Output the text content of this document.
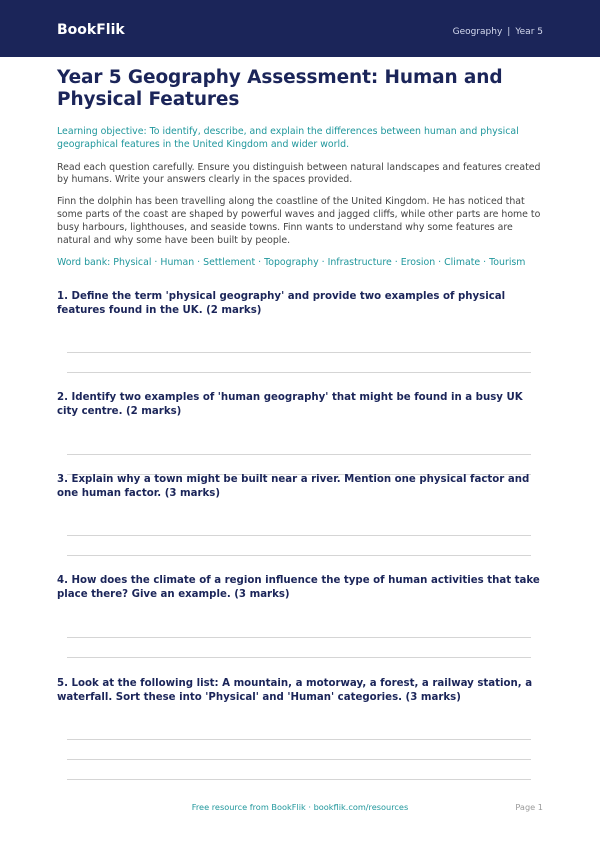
BookFlik	Geography | Year 5
Year 5 Geography Assessment: Human and Physical Features
Learning objective: To identify, describe, and explain the differences between human and physical geographical features in the United Kingdom and wider world.
Read each question carefully. Ensure you distinguish between natural landscapes and features created by humans. Write your answers clearly in the spaces provided.
Finn the dolphin has been travelling along the coastline of the United Kingdom. He has noticed that some parts of the coast are shaped by powerful waves and jagged cliffs, while other parts are home to busy harbours, lighthouses, and seaside towns. Finn wants to understand why some features are natural and why some have been built by people.
Word bank: Physical · Human · Settlement · Topography · Infrastructure · Erosion · Climate · Tourism
1. Define the term 'physical geography' and provide two examples of physical features found in the UK. (2 marks)
2. Identify two examples of 'human geography' that might be found in a busy UK city centre. (2 marks)
3. Explain why a town might be built near a river. Mention one physical factor and one human factor. (3 marks)
4. How does the climate of a region influence the type of human activities that take place there? Give an example. (3 marks)
5. Look at the following list: A mountain, a motorway, a forest, a railway station, a waterfall. Sort these into 'Physical' and 'Human' categories. (3 marks)
Free resource from BookFlik · bookflik.com/resources	Page 1
